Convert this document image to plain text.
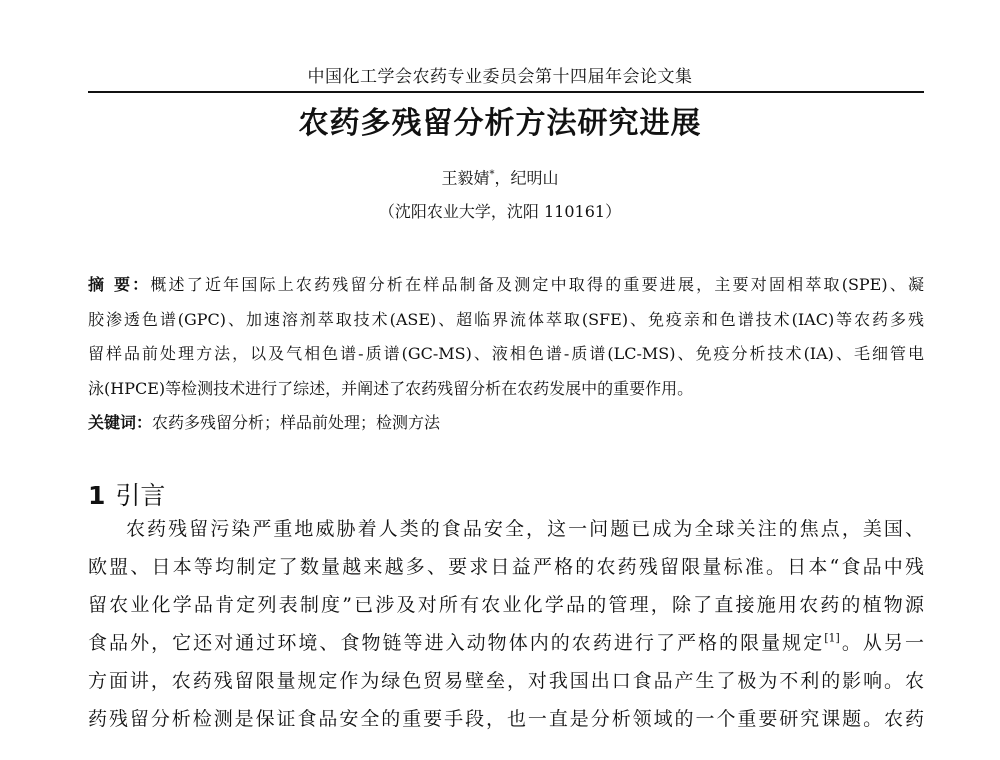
中国化工学会农药专业委员会第十四届年会论文集
农药多残留分析方法研究进展
王毅婧*，纪明山
（沈阳农业大学，沈阳 110161）
摘 要：概述了近年国际上农药残留分析在样品制备及测定中取得的重要进展，主要对固相萃取(SPE)、凝
胶渗透色谱(GPC)、加速溶剂萃取技术(ASE)、超临界流体萃取(SFE)、免疫亲和色谱技术(IAC)等农药多残
留样品前处理方法，以及气相色谱-质谱(GC-MS)、液相色谱-质谱(LC-MS)、免疫分析技术(IA)、毛细管电
泳(HPCE)等检测技术进行了综述，并阐述了农药残留分析在农药发展中的重要作用。
关键词：农药多残留分析；样品前处理；检测方法
1 引言
农药残留污染严重地威胁着人类的食品安全，这一问题已成为全球关注的焦点，美国、
欧盟、日本等均制定了数量越来越多、要求日益严格的农药残留限量标准。日本“食品中残
留农业化学品肯定列表制度”已涉及对所有农业化学品的管理，除了直接施用农药的植物源
食品外，它还对通过环境、食物链等进入动物体内的农药进行了严格的限量规定[1]。从另一
方面讲，农药残留限量规定作为绿色贸易壁垒，对我国出口食品产生了极为不利的影响。农
药残留分析检测是保证食品安全的重要手段，也一直是分析领域的一个重要研究课题。农药
